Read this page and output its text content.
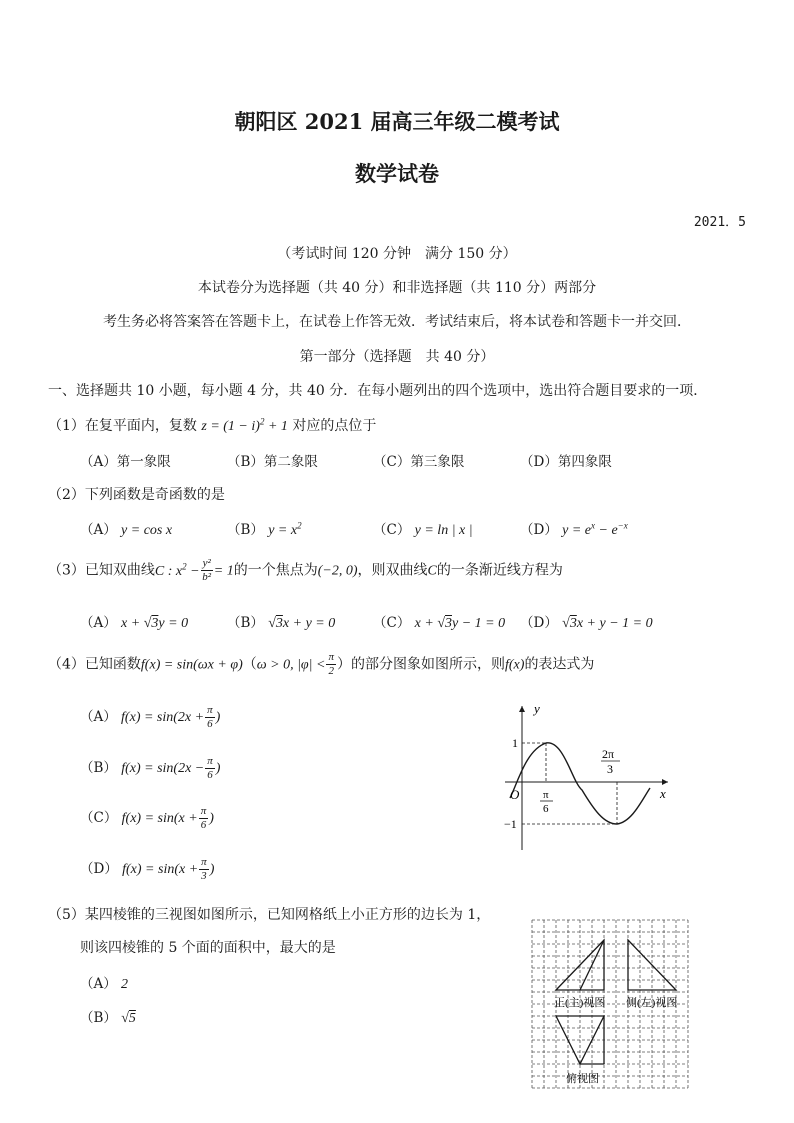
朝阳区 2021 届高三年级二模考试
数学试卷
2021．5
（考试时间 120 分钟　满分 150 分）
本试卷分为选择题（共 40 分）和非选择题（共 110 分）两部分
考生务必将答案答在答题卡上，在试卷上作答无效．考试结束后，将本试卷和答题卡一并交回．
第一部分（选择题　共 40 分）
一、选择题共 10 小题，每小题 4 分，共 40 分．在每小题列出的四个选项中，选出符合题目要求的一项．
（1）在复平面内，复数 $z = (1 - i)^2 + 1$ 对应的点位于
（A）第一象限	（B）第二象限	（C）第三象限	（D）第四象限
（2）下列函数是奇函数的是
（A） y = cos x	（B） $y = x^2$	（C） y = ln | x |	（D） $y = e^x - e^{-x}$
（3）已知双曲线C : $x^2 - \frac{\text{y²}}{\text{b²}} = 1$的一个焦点为(−2, 0)，则双曲线C的一条渐近线方程为
（A） x + √3y = 0	（B） √3x + y = 0	（C） x + √3y − 1 = 0 （D） √3x + y − 1 = 0
（4）已知函数f(x) = sin(ωx + φ)（ω > 0, $|\varphi| < \frac{\pi}{2}$ ）的部分图象如图所示，则f(x)的表达式为
（A） $f(x) = \sin(2x + \frac{\pi}{6}$ )
（B） $f(x) = \sin(2x - \frac{\pi}{6}$ )
（C） $f(x) = \sin(x + \frac{\pi}{6}$ )
（D） $f(x) = \sin(x + \frac{\pi}{3}$ )
y
x
O
1
−1
π
6
2π
3
（5）某四棱锥的三视图如图所示，已知网格纸上小正方形的边长为 1，
则该四棱锥的 5 个面的面积中，最大的是
（A） 2
（B） √5
正(主)视图 侧(左)视图
俯视图
